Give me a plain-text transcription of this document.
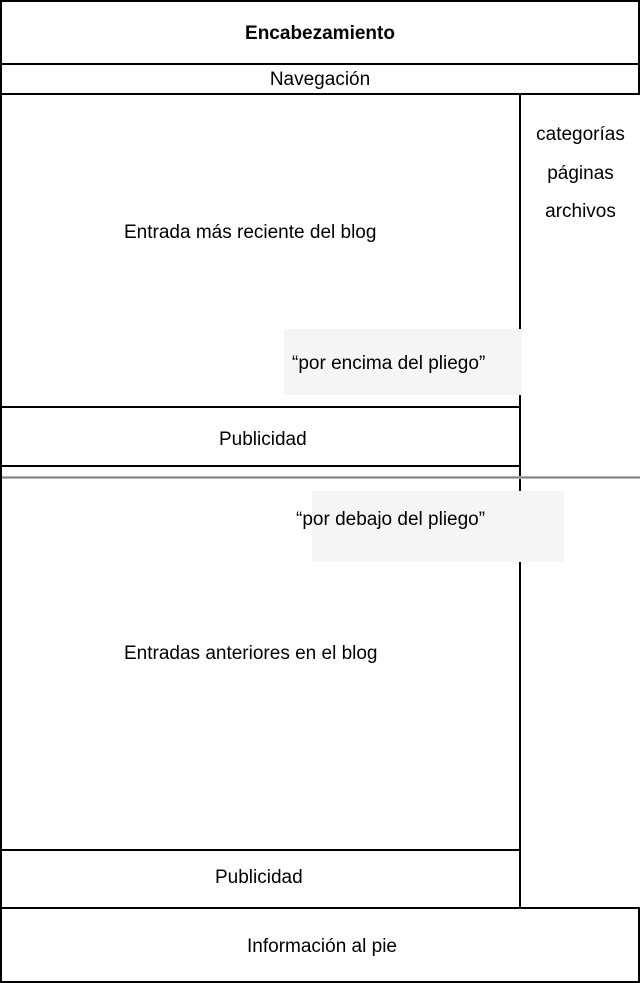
Encabezamiento
Navegación
categorías
páginas
archivos
Entrada más reciente del blog
“por encima del pliego”
Publicidad
“por debajo del pliego”
Entradas anteriores en el blog
Publicidad
Información al pie
